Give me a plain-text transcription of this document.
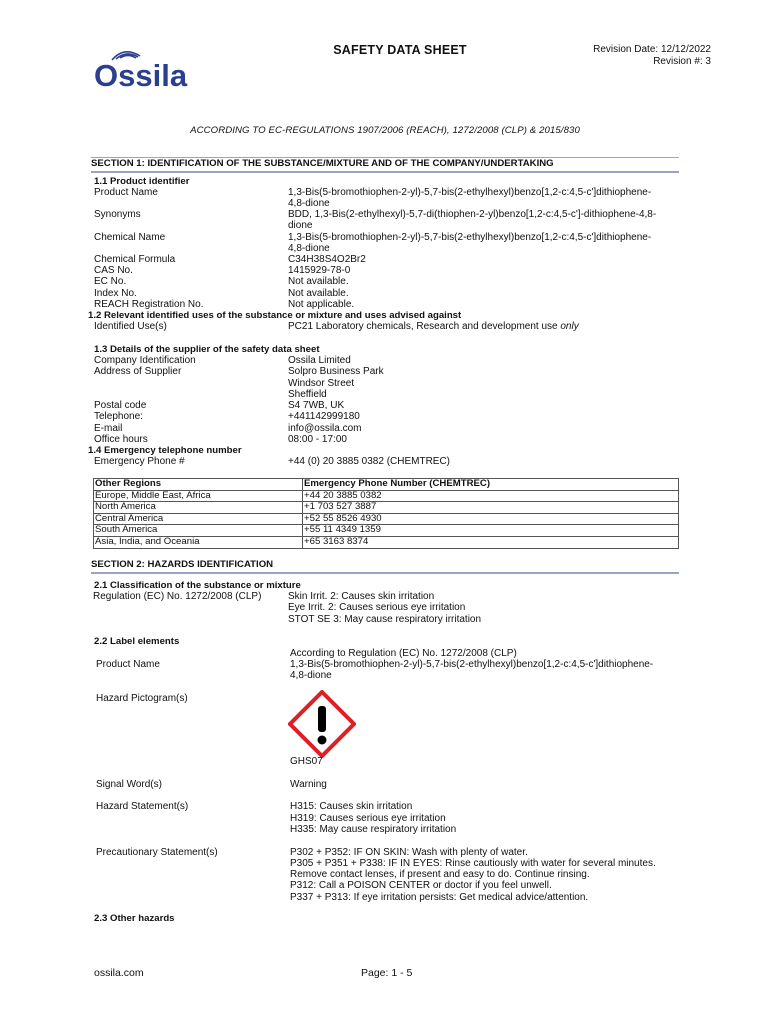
Ossila
SAFETY DATA SHEET	Revision Date: 12/12/2022
Revision #: 3
ACCORDING TO EC-REGULATIONS 1907/2006 (REACH), 1272/2008 (CLP) & 2015/830
SECTION 1: IDENTIFICATION OF THE SUBSTANCE/MIXTURE AND OF THE COMPANY/UNDERTAKING
1.1 Product identifier
Product Name	1,3-Bis(5-bromothiophen-2-yl)-5,7-bis(2-ethylhexyl)benzo[1,2-c:4,5-c']dithiophene-
4,8-dione
Synonyms	BDD, 1,3-Bis(2-ethylhexyl)-5,7-di(thiophen-2-yl)benzo[1,2-c:4,5-c']-dithiophene-4,8-
dione
Chemical Name	1,3-Bis(5-bromothiophen-2-yl)-5,7-bis(2-ethylhexyl)benzo[1,2-c:4,5-c']dithiophene-
4,8-dione
Chemical Formula	C34H38S4O2Br2
CAS No.	1415929-78-0
EC No.	Not available.
Index No.	Not available.
REACH Registration No.	Not applicable.
1.2 Relevant identified uses of the substance or mixture and uses advised against
Identified Use(s)	PC21 Laboratory chemicals, Research and development use only
1.3 Details of the supplier of the safety data sheet
Company Identification	Ossila Limited
Address of Supplier	Solpro Business Park
Windsor Street
Sheffield
Postal code	S4 7WB, UK
Telephone:	+441142999180
E-mail	info@ossila.com
Office hours	08:00 - 17:00
1.4 Emergency telephone number
Emergency Phone #	+44 (0) 20 3885 0382 (CHEMTREC)
Other Regions	Emergency Phone Number (CHEMTREC)
Europe, Middle East, Africa	+44 20 3885 0382
North America	+1 703 527 3887
Central America	+52 55 8526 4930
South America	+55 11 4349 1359
Asia, India, and Oceania	+65 3163 8374
SECTION 2: HAZARDS IDENTIFICATION
2.1 Classification of the substance or mixture
Regulation (EC) No. 1272/2008 (CLP)	Skin Irrit. 2: Causes skin irritation
Eye Irrit. 2: Causes serious eye irritation
STOT SE 3: May cause respiratory irritation
2.2 Label elements
According to Regulation (EC) No. 1272/2008 (CLP)
Product Name	1,3-Bis(5-bromothiophen-2-yl)-5,7-bis(2-ethylhexyl)benzo[1,2-c:4,5-c']dithiophene-
4,8-dione
Hazard Pictogram(s)
GHS07
Signal Word(s)	Warning
Hazard Statement(s)	H315: Causes skin irritation
H319: Causes serious eye irritation
H335: May cause respiratory irritation
Precautionary Statement(s)	P302 + P352: IF ON SKIN: Wash with plenty of water.
P305 + P351 + P338: IF IN EYES: Rinse cautiously with water for several minutes.
Remove contact lenses, if present and easy to do. Continue rinsing.
P312: Call a POISON CENTER or doctor if you feel unwell.
P337 + P313: If eye irritation persists: Get medical advice/attention.
2.3 Other hazards
ossila.com	Page: 1 - 5
